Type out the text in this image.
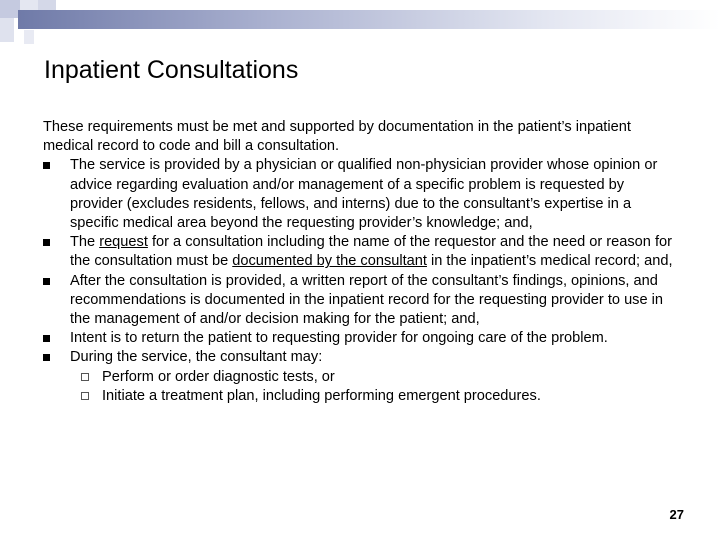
Inpatient Consultations

These requirements must be met and supported by documentation in the patient’s inpatient medical record to code and bill a consultation.

The service is provided by a physician or qualified non-physician provider whose opinion or advice regarding evaluation and/or management of a specific problem is requested by provider (excludes residents, fellows, and interns) due to the consultant’s expertise in a specific medical area beyond the requesting provider’s knowledge; and,
The request for a consultation including the name of the requestor and the need or reason for the consultation must be documented by the consultant in the inpatient’s medical record; and,
After the consultation is provided, a written report of the consultant’s findings, opinions, and recommendations is documented in the inpatient record for the requesting provider to use in the management of and/or decision making for the patient; and,
Intent is to return the patient to requesting provider for ongoing care of the problem.
During the service, the consultant may:
Perform or order diagnostic tests, or
Initiate a treatment plan, including performing emergent procedures.
27
